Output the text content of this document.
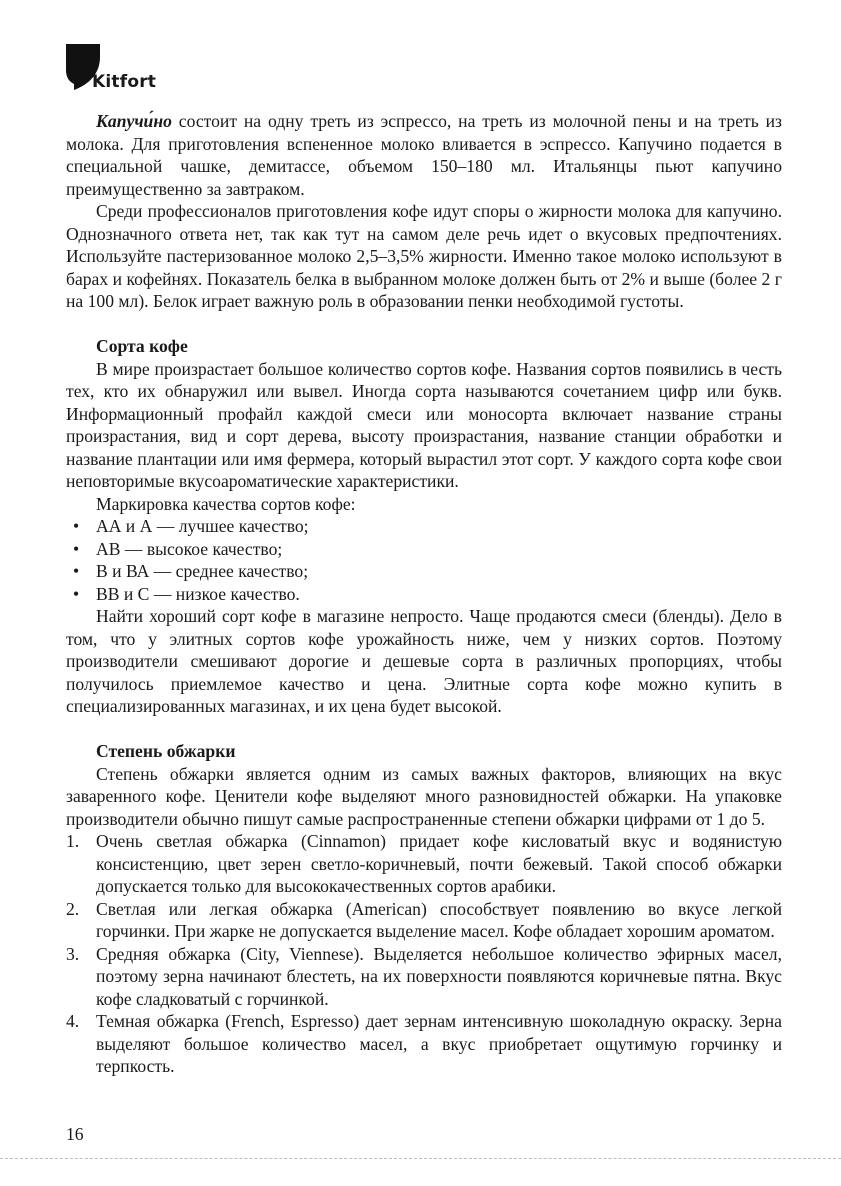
Kitfort

Капучи́но состоит на одну треть из эспрессо, на треть из молочной пены и на треть из молока. Для приготовления вспененное молоко вливается в эспрессо. Капучино подается в специальной чашке, демитассе, объемом 150–180 мл. Итальянцы пьют капучино преимущественно за завтраком.

Среди профессионалов приготовления кофе идут споры о жирности молока для капучино. Однозначного ответа нет, так как тут на самом деле речь идет о вкусовых предпочтениях. Используйте пастеризованное молоко 2,5–3,5% жирности. Именно такое молоко используют в барах и кофейнях. Показатель белка в выбранном молоке должен быть от 2% и выше (более 2 г на 100 мл). Белок играет важную роль в образовании пенки необходимой густоты.

Сорта кофе

В мире произрастает большое количество сортов кофе. Названия сортов появились в честь тех, кто их обнаружил или вывел. Иногда сорта называются сочетанием цифр или букв. Информационный профайл каждой смеси или моносорта включает название страны произрастания, вид и сорт дерева, высоту произрастания, название станции обработки и название плантации или имя фермера, который вырастил этот сорт. У каждого сорта кофе свои неповторимые вкусоароматические характеристики.

Маркировка качества сортов кофе:

• АА и А — лучшее качество;
• АВ — высокое качество;
• В и ВА — среднее качество;
• ВВ и С — низкое качество.

Найти хороший сорт кофе в магазине непросто. Чаще продаются смеси (бленды). Дело в том, что у элитных сортов кофе урожайность ниже, чем у низких сортов. Поэтому производители смешивают дорогие и дешевые сорта в различных пропорциях, чтобы получилось приемлемое качество и цена. Элитные сорта кофе можно купить в специализированных магазинах, и их цена будет высокой.

Степень обжарки

Степень обжарки является одним из самых важных факторов, влияющих на вкус заваренного кофе. Ценители кофе выделяют много разновидностей обжарки. На упаковке производители обычно пишут самые распространенные степени обжарки цифрами от 1 до 5.

1. Очень светлая обжарка (Cinnamon) придает кофе кисловатый вкус и водянистую консистенцию, цвет зерен светло-коричневый, почти бежевый. Такой способ обжарки допускается только для высококачественных сортов арабики.
2. Светлая или легкая обжарка (American) способствует появлению во вкусе легкой горчинки. При жарке не допускается выделение масел. Кофе обладает хорошим ароматом.
3. Средняя обжарка (City, Viennese). Выделяется небольшое количество эфирных масел, поэтому зерна начинают блестеть, на их поверхности появляются коричневые пятна. Вкус кофе сладковатый с горчинкой.
4. Темная обжарка (French, Espresso) дает зернам интенсивную шоколадную окраску. Зерна выделяют большое количество масел, а вкус приобретает ощутимую горчинку и терпкость.
16
